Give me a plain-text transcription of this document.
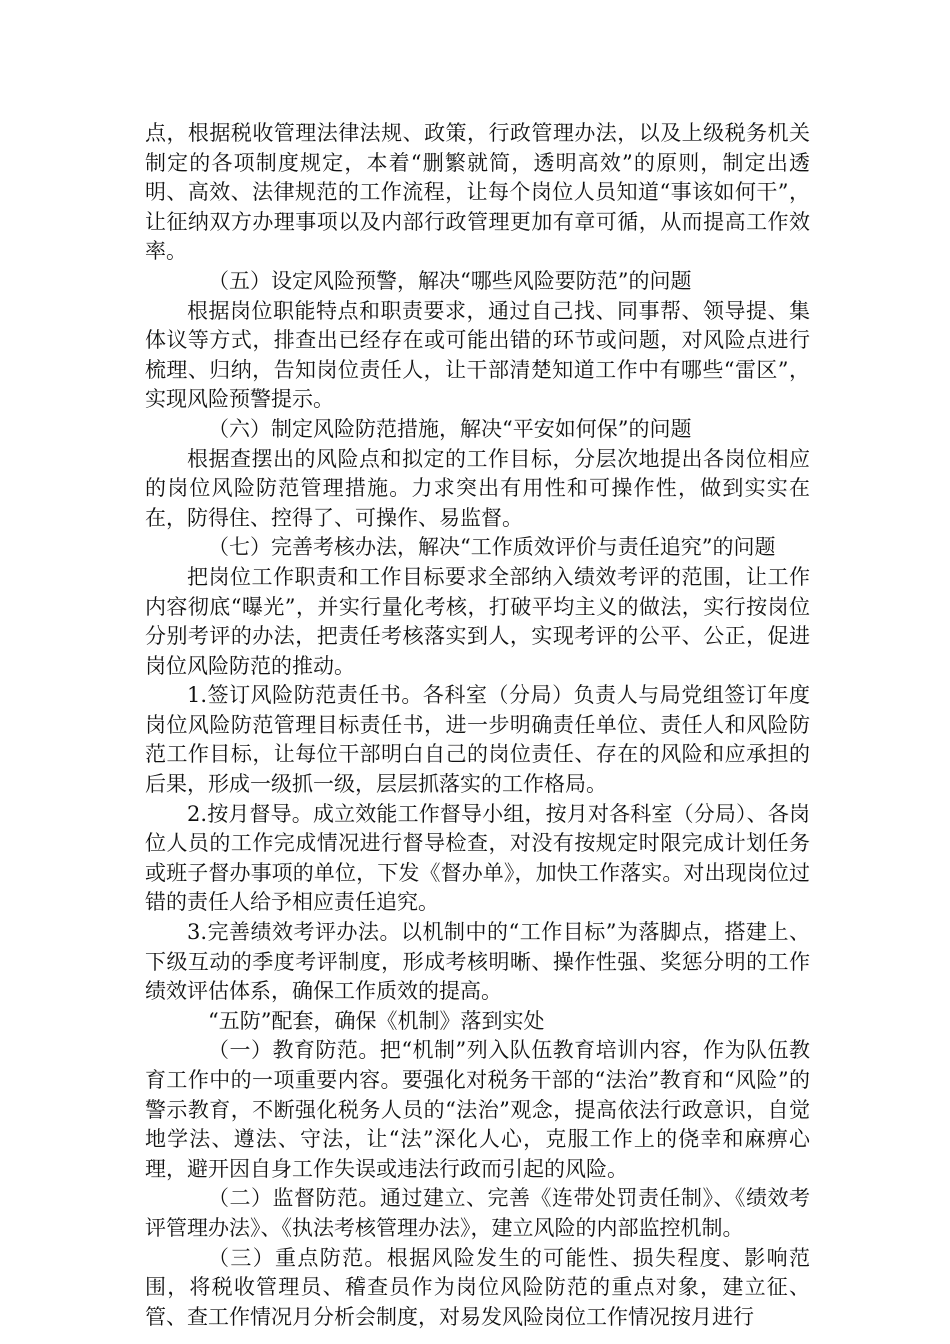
点，根据税收管理法律法规、政策，行政管理办法，以及上级税务机关制定的各项制度规定，本着“删繁就简，透明高效”的原则，制定出透明、高效、法律规范的工作流程，让每个岗位人员知道“事该如何干”，让征纳双方办理事项以及内部行政管理更加有章可循，从而提高工作效率。

（五）设定风险预警，解决“哪些风险要防范”的问题

根据岗位职能特点和职责要求，通过自己找、同事帮、领导提、集体议等方式，排查出已经存在或可能出错的环节或问题，对风险点进行梳理、归纳，告知岗位责任人，让干部清楚知道工作中有哪些“雷区”，实现风险预警提示。

（六）制定风险防范措施，解决“平安如何保”的问题

根据查摆出的风险点和拟定的工作目标，分层次地提出各岗位相应的岗位风险防范管理措施。力求突出有用性和可操作性，做到实实在在，防得住、控得了、可操作、易监督。

（七）完善考核办法，解决“工作质效评价与责任追究”的问题

把岗位工作职责和工作目标要求全部纳入绩效考评的范围，让工作内容彻底“曝光”，并实行量化考核，打破平均主义的做法，实行按岗位分别考评的办法，把责任考核落实到人，实现考评的公平、公正，促进岗位风险防范的推动。

1.签订风险防范责任书。各科室（分局）负责人与局党组签订年度岗位风险防范管理目标责任书，进一步明确责任单位、责任人和风险防范工作目标，让每位干部明白自己的岗位责任、存在的风险和应承担的后果，形成一级抓一级，层层抓落实的工作格局。

2.按月督导。成立效能工作督导小组，按月对各科室（分局）、各岗位人员的工作完成情况进行督导检查，对没有按规定时限完成计划任务或班子督办事项的单位，下发《督办单》，加快工作落实。对出现岗位过错的责任人给予相应责任追究。

3.完善绩效考评办法。以机制中的“工作目标”为落脚点，搭建上、下级互动的季度考评制度，形成考核明晰、操作性强、奖惩分明的工作绩效评估体系，确保工作质效的提高。

“五防”配套，确保《机制》落到实处

（一）教育防范。把“机制”列入队伍教育培训内容，作为队伍教育工作中的一项重要内容。要强化对税务干部的“法治”教育和“风险”的警示教育，不断强化税务人员的“法治”观念，提高依法行政意识，自觉地学法、遵法、守法，让“法”深化人心，克服工作上的侥幸和麻痹心理，避开因自身工作失误或违法行政而引起的风险。

（二）监督防范。通过建立、完善《连带处罚责任制》、《绩效考评管理办法》、《执法考核管理办法》，建立风险的内部监控机制。

（三）重点防范。根据风险发生的可能性、损失程度、影响范围，将税收管理员、稽查员作为岗位风险防范的重点对象，建立征、管、查工作情况月分析会制度，对易发风险岗位工作情况按月进行
